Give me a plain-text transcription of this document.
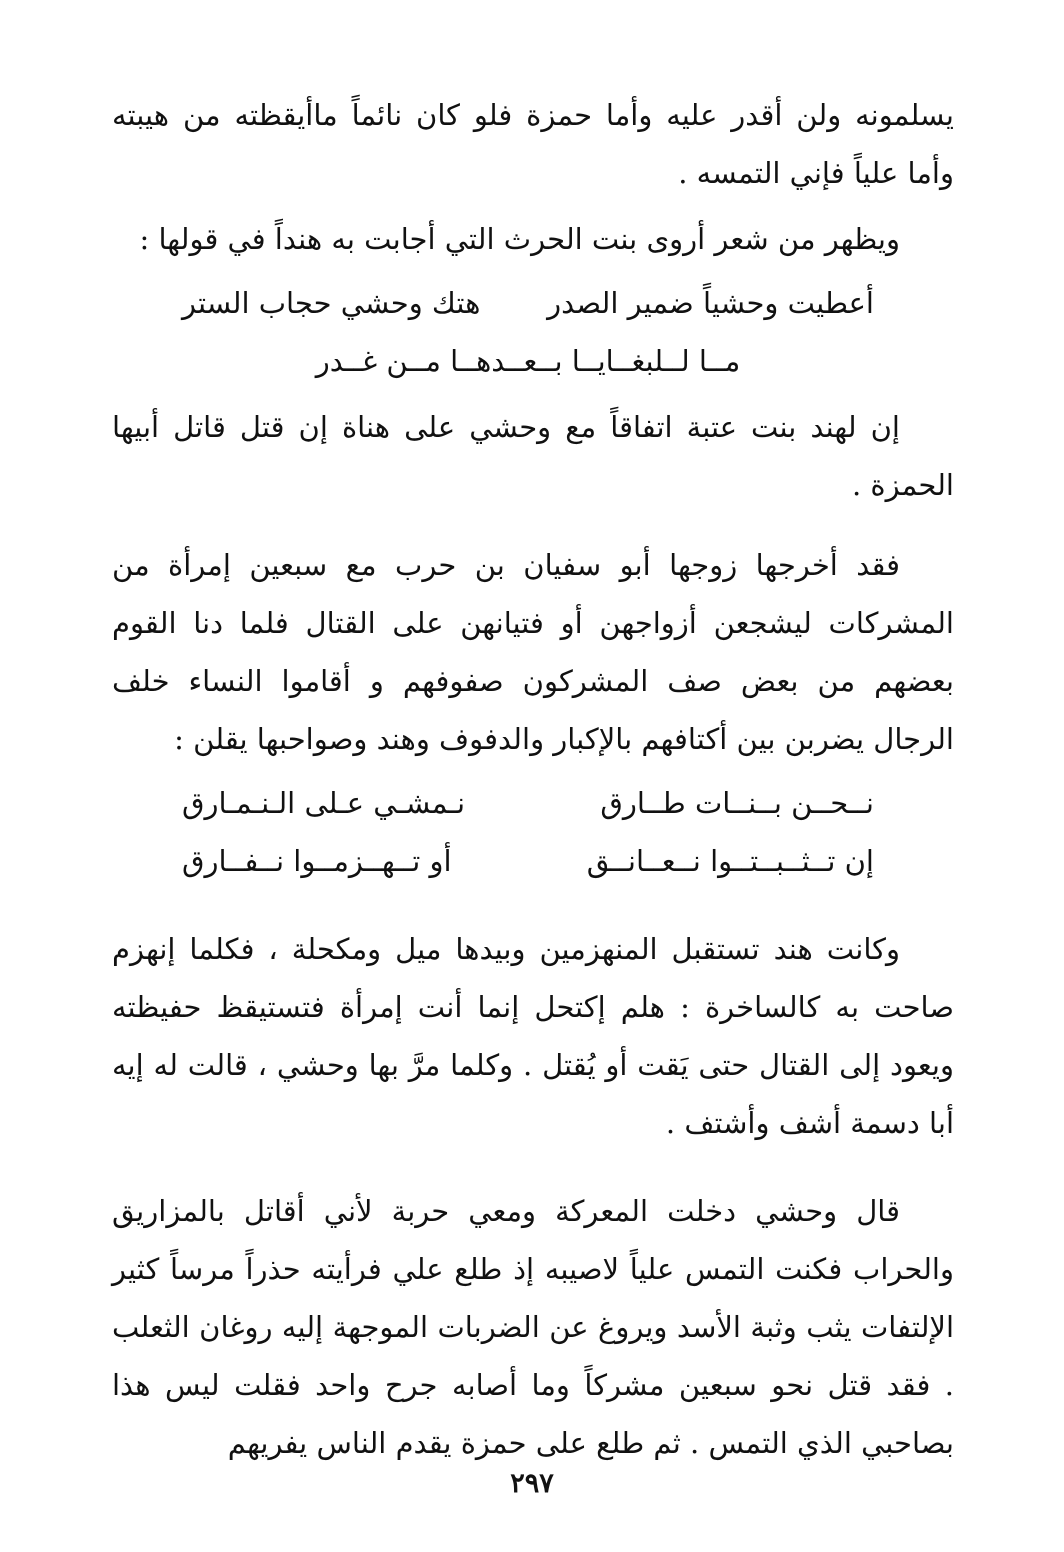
يسلمونه ولن أقدر عليه وأما حمزة فلو كان نائماً ماأيقظته من هيبته وأما علياً فإني التمسه .

ويظهر من شعر أروى بنت الحرث التي أجابت به هنداً في قولها :

أعطيت وحشياً ضمير الصدر
هتك وحشي حجاب الستر
مــا لــلبغــايــا بــعــدهــا مــن غــدر

إن لهند بنت عتبة اتفاقاً مع وحشي على هناة إن قتل قاتل أبيها الحمزة .

فقد أخرجها زوجها أبو سفيان بن حرب مع سبعين إمرأة من المشركات ليشجعن أزواجهن أو فتيانهن على القتال فلما دنا القوم بعضهم من بعض صف المشركون صفوفهم و أقاموا النساء خلف الرجال يضربن بين أكتافهم بالإكبار والدفوف وهند وصواحبها يقلن :

نــحــن بــنــات طــارق
نـمشـي عـلى الـنـمـارق
إن تــثــبــتــوا نــعــانــق
أو تــهــزمــوا نــفــارق

وكانت هند تستقبل المنهزمين وبيدها ميل ومكحلة ، فكلما إنهزم صاحت به كالساخرة : هلم إكتحل إنما أنت إمرأة فتستيقظ حفيظته ويعود إلى القتال حتى يَقت أو يُقتل . وكلما مرَّ بها وحشي ، قالت له إيه أبا دسمة أشف وأشتف .

قال وحشي دخلت المعركة ومعي حربة لأني أقاتل بالمزاريق والحراب فكنت التمس علياً لاصيبه إذ طلع علي فرأيته حذراً مرساً كثير الإلتفات يثب وثبة الأسد ويروغ عن الضربات الموجهة إليه روغان الثعلب . فقد قتل نحو سبعين مشركاً وما أصابه جرح واحد فقلت ليس هذا بصاحبي الذي التمس . ثم طلع على حمزة يقدم الناس يفريهم

٢٩٧
